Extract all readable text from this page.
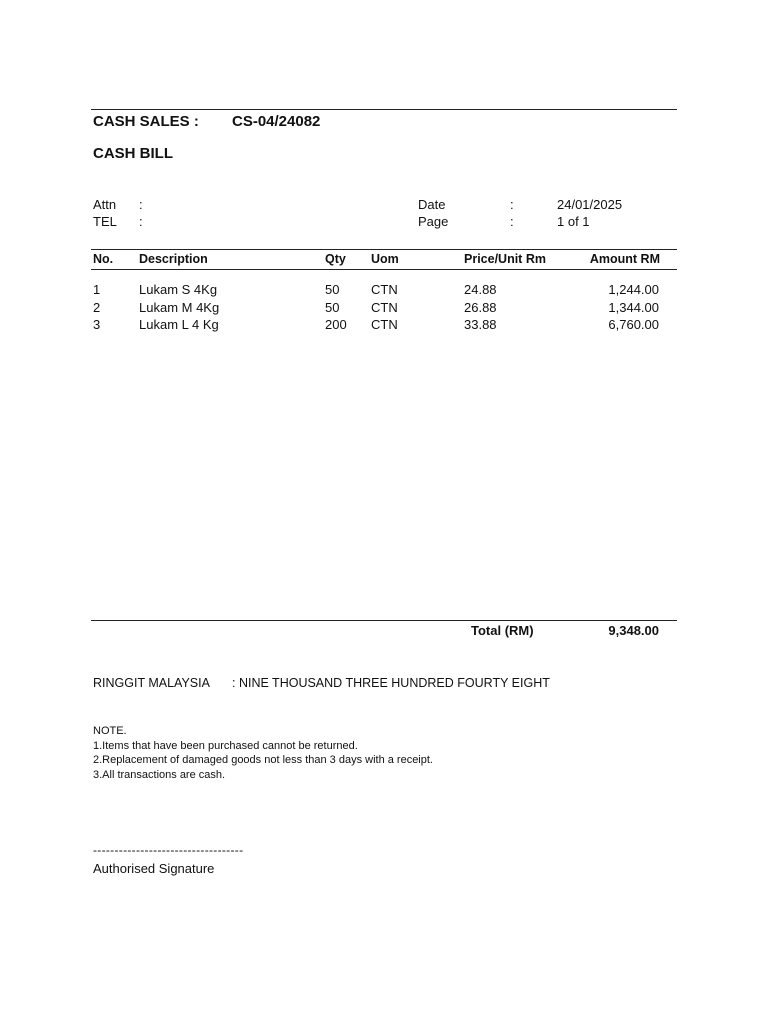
CASH SALES : CS-04/24082
CASH BILL
Attn :
TEL :
Date	:	24/01/2025
Page	:	1 of 1
No. Description	Qty Uom	Price/Unit Rm	Amount RM
1	Lukam S 4Kg	50 CTN	24.88	1,244.00
2	Lukam M 4Kg	50 CTN	26.88	1,344.00
3	Lukam L 4 Kg	200 CTN	33.88	6,760.00
Total (RM)	9,348.00
RINGGIT MALAYSIA : NINE THOUSAND THREE HUNDRED FOURTY EIGHT
NOTE.
1.Items that have been purchased cannot be returned.
2.Replacement of damaged goods not less than 3 days with a receipt.
3.All transactions are cash.
-----------------------------------
Authorised Signature
